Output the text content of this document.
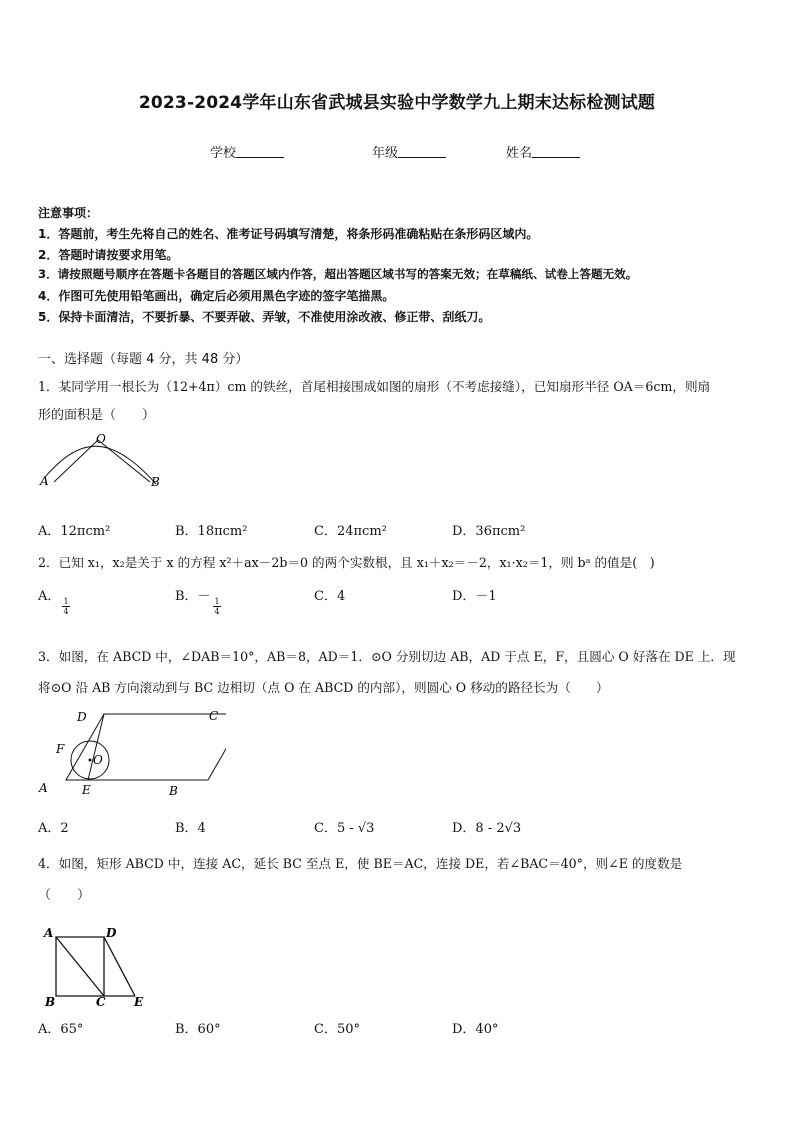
2023-2024学年山东省武城县实验中学数学九上期末达标检测试题
学校	年级	姓名
注意事项：
1．答题前，考生先将自己的姓名、准考证号码填写清楚，将条形码准确粘贴在条形码区域内。
2．答题时请按要求用笔。
3．请按照题号顺序在答题卡各题目的答题区域内作答，超出答题区域书写的答案无效；在草稿纸、试卷上答题无效。
4．作图可先使用铅笔画出，确定后必须用黑色字迹的签字笔描黑。
5．保持卡面清洁，不要折暴、不要弄破、弄皱，不准使用涂改液、修正带、刮纸刀。
一、选择题（每题 4 分，共 48 分）
1．某同学用一根长为（12+4π）cm 的铁丝，首尾相接围成如图的扇形（不考虑接缝），已知扇形半径 OA＝6cm，则扇
形的面积是（　　）
O
A	B
A．12πcm²	B．18πcm²	C．24πcm²	D．36πcm²
2．已知 x₁，x₂是关于 x 的方程 x²＋ax－2b＝0 的两个实数根，且 x₁＋x₂＝－2，x₁·x₂＝1，则 bᵃ 的值是(　)
A．
$\frac{1}{4}$
B．－
$\frac{1}{4}$
C．4	D．－1
3．如图，在 ABCD 中，∠DAB＝10°，AB＝8，AD＝1．⊙O 分别切边 AB，AD 于点 E，F，且圆心 O 好落在 DE 上．现
将⊙O 沿 AB 方向滚动到与 BC 边相切（点 O 在 ABCD 的内部），则圆心 O 移动的路径长为（　　）
D	C
F
O
A	E	B
A．2	B．4	C．5 - √3	D．8 - 2√3
4．如图，矩形 ABCD 中，连接 AC，延长 BC 至点 E，使 BE＝AC，连接 DE，若∠BAC＝40°，则∠E 的度数是
（　　）
A	D
B	C E
A．65°	B．60°	C．50°	D．40°
